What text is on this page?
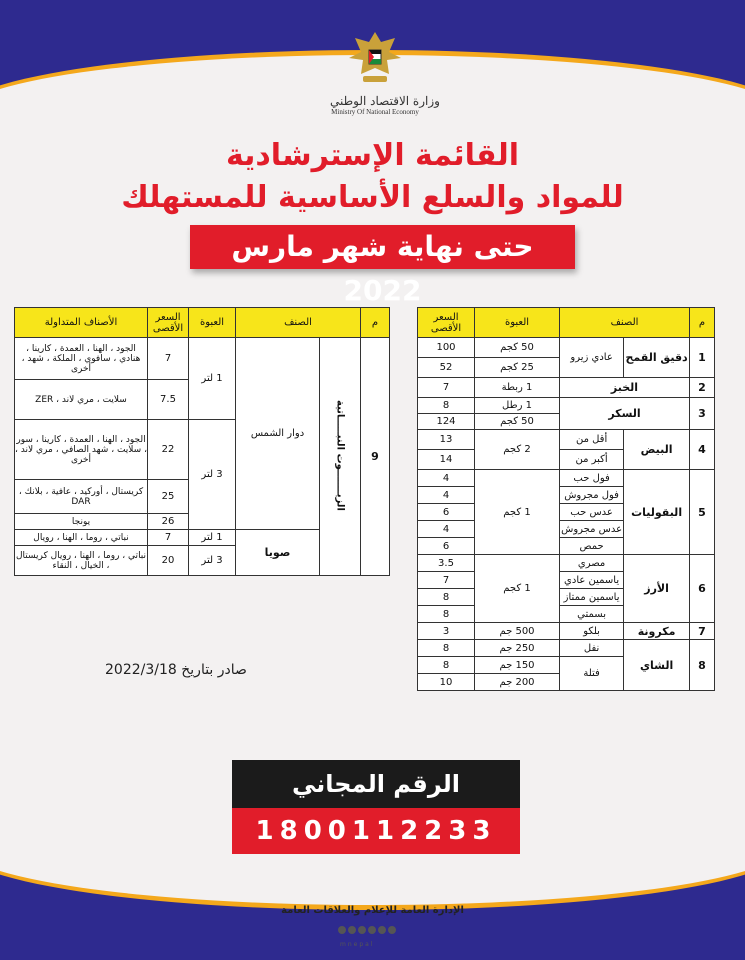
وزارة الاقتصاد الوطني
Ministry Of National Economy
القائمة الإسترشادية
للمواد والسلع الأساسية للمستهلك
حتى نهاية شهر مارس 2022
م	الصنف		العبوة	السعر الأقصى
1	دقيق القمح	عادي زيرو	50 كجم	100
			25 كجم	52
2	الخبز		1 ربطة	7
3	السكر		1 رطل	8
			50 كجم	124
4	البيض	أقل من	2 كجم	13
		أكبر من		14
5	البقوليات	فول حب	1 كجم	4
		فول مجروش		4
		عدس حب		6
		عدس مجروش		4
		حمص		6
6	الأرز	مصري	1 كجم	3.5
		ياسمين عادي		7
		ياسمين ممتاز		8
		بسمتي		8
7	مكرونة	بلكو	500 جم	3
8	الشاي	نفل	250 جم	8
		فتلة	150 جم	8
			200 جم	10
م	الصنف		العبوة	السعر الأقصى	الأصناف المتداولة
9	الزيـــــــوت النبـــــاتية	دوار الشمس	1 لتر	7	الجود ، الهنا ، العمدة ، كارينا ، هنادي ، سافوي ، الملكة ، شهد ، أخرى
				7.5	سلايت ، مري لاند ، ZER
			3 لتر	22	الجود ، الهنا ، العمدة ، كارينا ، سور ، سلايت ، شهد الصافي ، مري لاند ، أخرى
				25	كريستال ، أوركيد ، عافية ، بلانك ، DAR
				26	يونجا
		صويا	1 لتر	7	نباتي ، روما ، الهنا ، رويال
			3 لتر	20	نباتي ، روما ، الهنا ، رويال كريستال ، الخيال ، النقاء
صادر بتاريخ 2022/3/18
الرقم المجاني
1800112233
الإدارة العامة للإعلام والعلاقات العامة
mnepal
